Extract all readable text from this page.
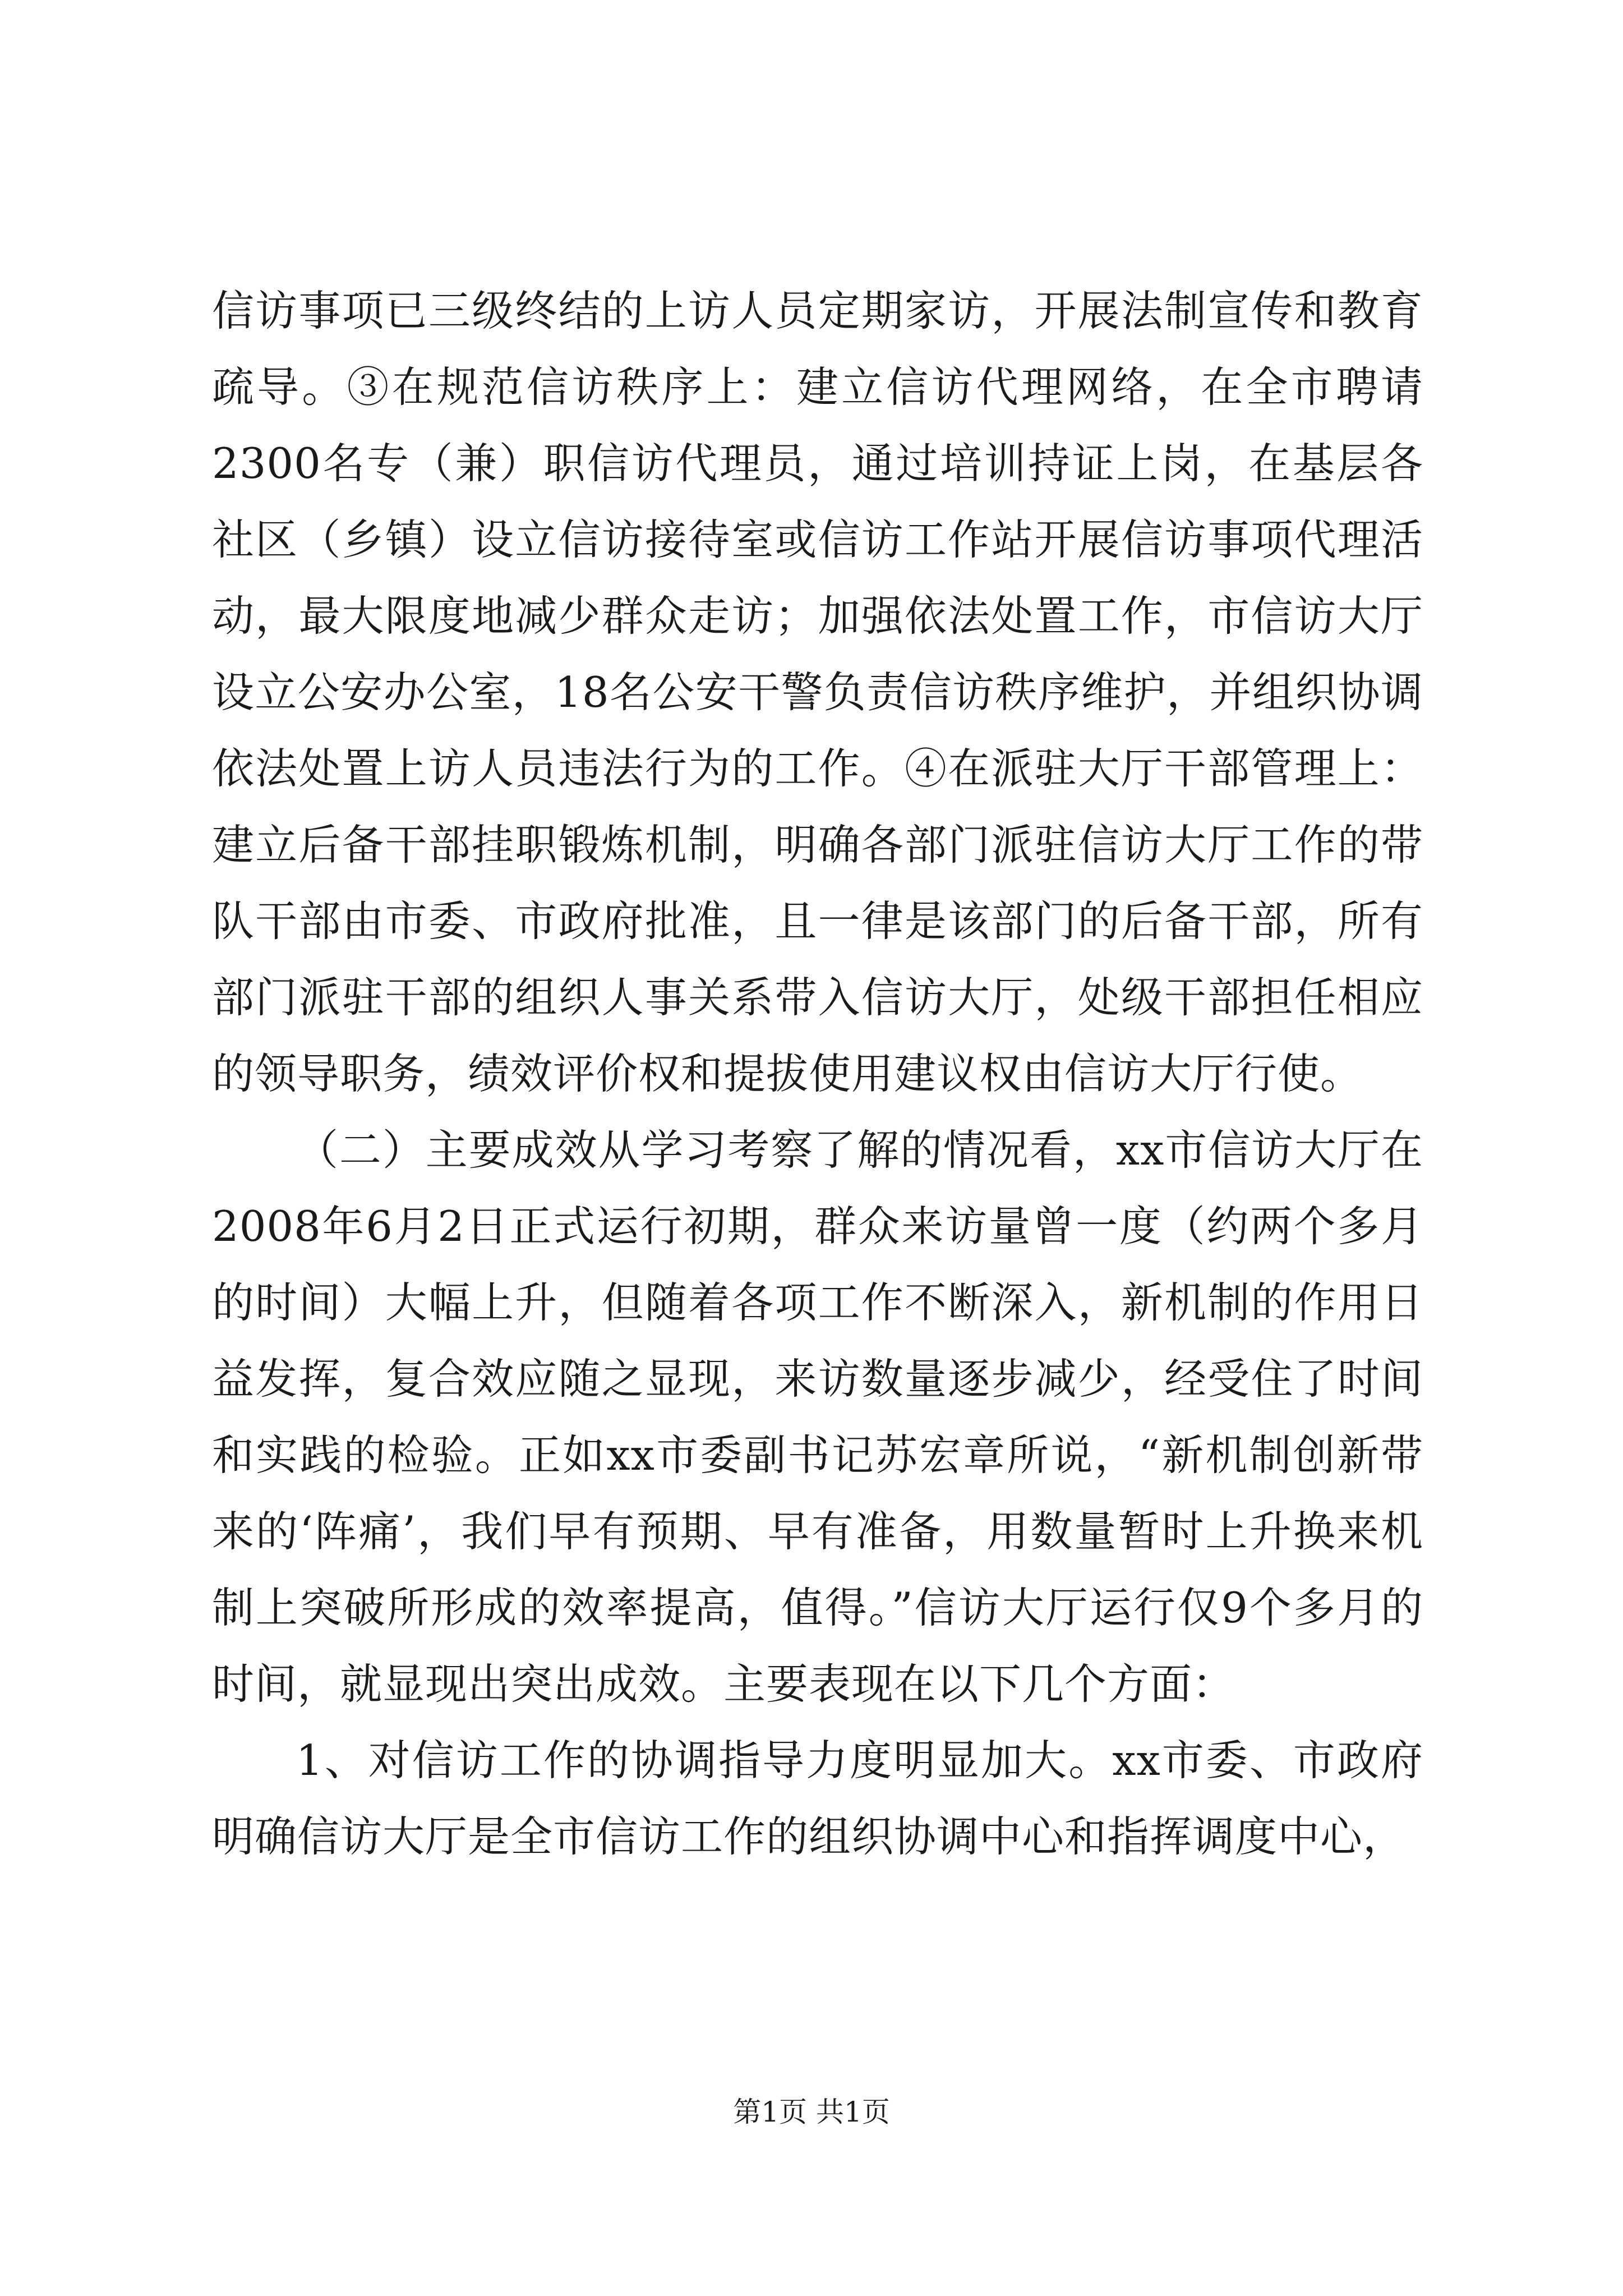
信访事项已三级终结的上访人员定期家访，开展法制宣传和教育疏导。③在规范信访秩序上：建立信访代理网络，在全市聘请2300名专（兼）职信访代理员，通过培训持证上岗，在基层各社区（乡镇）设立信访接待室或信访工作站开展信访事项代理活动，最大限度地减少群众走访；加强依法处置工作，市信访大厅设立公安办公室，18名公安干警负责信访秩序维护，并组织协调依法处置上访人员违法行为的工作。④在派驻大厅干部管理上：建立后备干部挂职锻炼机制，明确各部门派驻信访大厅工作的带队干部由市委、市政府批准，且一律是该部门的后备干部，所有部门派驻干部的组织人事关系带入信访大厅，处级干部担任相应的领导职务，绩效评价权和提拔使用建议权由信访大厅行使。

（二）主要成效从学习考察了解的情况看，xx市信访大厅在2008年6月2日正式运行初期，群众来访量曾一度（约两个多月的时间）大幅上升，但随着各项工作不断深入，新机制的作用日益发挥，复合效应随之显现，来访数量逐步减少，经受住了时间和实践的检验。正如xx市委副书记苏宏章所说，“新机制创新带来的‘阵痛’，我们早有预期、早有准备，用数量暂时上升换来机制上突破所形成的效率提高，值得。”信访大厅运行仅9个多月的时间，就显现出突出成效。主要表现在以下几个方面：

1、对信访工作的协调指导力度明显加大。xx市委、市政府明确信访大厅是全市信访工作的组织协调中心和指挥调度中心，

第1页 共1页
